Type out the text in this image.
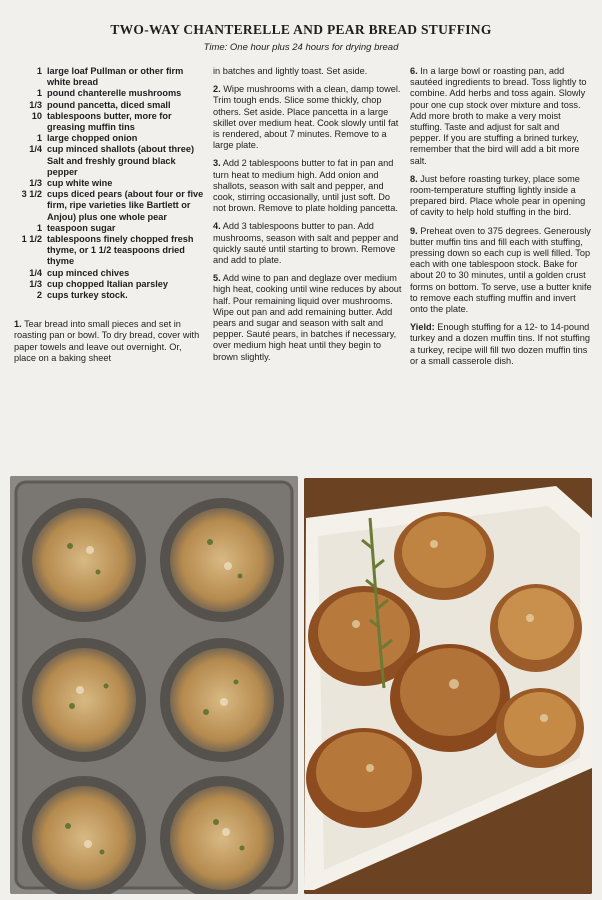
TWO-WAY CHANTERELLE AND PEAR BREAD STUFFING
Time: One hour plus 24 hours for drying bread
1 large loaf Pullman or other firm white bread
1 pound chanterelle mushrooms
1/3 pound pancetta, diced small
10 tablespoons butter, more for greasing muffin tins
1 large chopped onion
1/4 cup minced shallots (about three)
Salt and freshly ground black pepper
1/3 cup white wine
3 1/2 cups diced pears (about four or five firm, ripe varieties like Bartlett or Anjou) plus one whole pear
1 teaspoon sugar
1 1/2 tablespoons finely chopped fresh thyme, or 1 1/2 teaspoons dried thyme
1/4 cup minced chives
1/3 cup chopped Italian parsley
2 cups turkey stock.

1. Tear bread into small pieces and set in roasting pan or bowl. To dry bread, cover with paper towels and leave out overnight. Or, place on a baking sheet

in batches and lightly toast. Set aside.

2. Wipe mushrooms with a clean, damp towel. Trim tough ends. Slice some thickly, chop others. Set aside. Place pancetta in a large skillet over medium heat. Cook slowly until fat is rendered, about 7 minutes. Remove to a large plate.

3. Add 2 tablespoons butter to fat in pan and turn heat to medium high. Add onion and shallots, season with salt and pepper, and cook, stirring occasionally, until just soft. Do not brown. Remove to plate holding pancetta.

4. Add 3 tablespoons butter to pan. Add mushrooms, season with salt and pepper and quickly sauté until starting to brown. Remove and add to plate.

5. Add wine to pan and deglaze over medium high heat, cooking until wine reduces by about half. Pour remaining liquid over mushrooms. Wipe out pan and add remaining butter. Add pears and sugar and season with salt and pepper. Sauté pears, in batches if necessary, over medium high heat until they begin to brown slightly.

6. In a large bowl or roasting pan, add sautéed ingredients to bread. Toss lightly to combine. Add herbs and toss again. Slowly pour one cup stock over mixture and toss. Add more broth to make a very moist stuffing. Taste and adjust for salt and pepper. If you are stuffing a brined turkey, remember that the bird will add a bit more salt.

8. Just before roasting turkey, place some room-temperature stuffing lightly inside a prepared bird. Place whole pear in opening of cavity to help hold stuffing in the bird.

9. Preheat oven to 375 degrees. Generously butter muffin tins and fill each with stuffing, pressing down so each cup is well filled. Top each with one tablespoon stock. Bake for about 20 to 30 minutes, until a golden crust forms on bottom. To serve, use a butter knife to remove each stuffing muffin and invert onto the plate.

Yield: Enough stuffing for a 12- to 14-pound turkey and a dozen muffin tins. If not stuffing a turkey, recipe will fill two dozen muffin tins or a small casserole dish.
